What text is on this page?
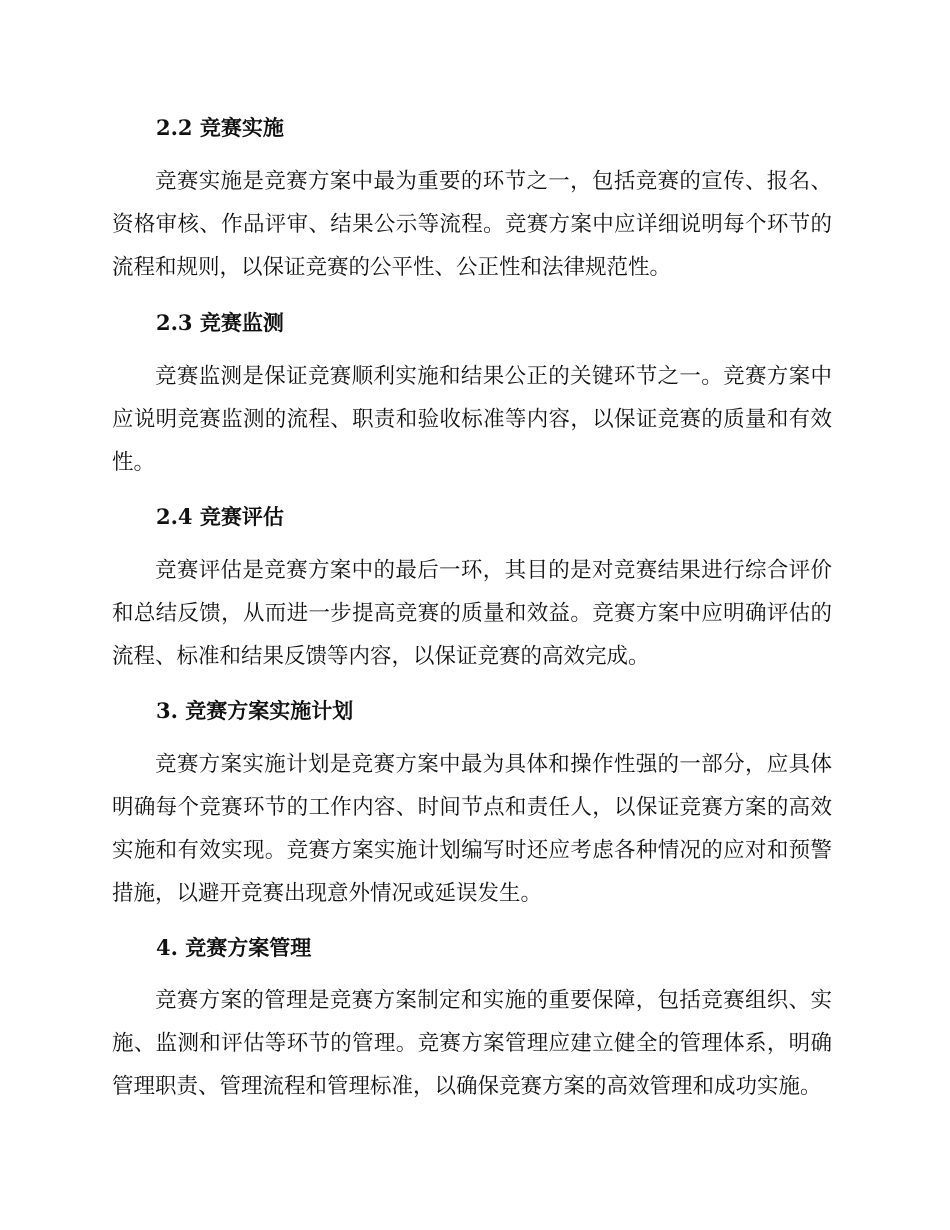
2.2 竞赛实施

竞赛实施是竞赛方案中最为重要的环节之一，包括竞赛的宣传、报名、资格审核、作品评审、结果公示等流程。竞赛方案中应详细说明每个环节的流程和规则，以保证竞赛的公平性、公正性和法律规范性。

2.3 竞赛监测

竞赛监测是保证竞赛顺利实施和结果公正的关键环节之一。竞赛方案中应说明竞赛监测的流程、职责和验收标准等内容，以保证竞赛的质量和有效性。

2.4 竞赛评估

竞赛评估是竞赛方案中的最后一环，其目的是对竞赛结果进行综合评价和总结反馈，从而进一步提高竞赛的质量和效益。竞赛方案中应明确评估的流程、标准和结果反馈等内容，以保证竞赛的高效完成。

3. 竞赛方案实施计划

竞赛方案实施计划是竞赛方案中最为具体和操作性强的一部分，应具体明确每个竞赛环节的工作内容、时间节点和责任人，以保证竞赛方案的高效实施和有效实现。竞赛方案实施计划编写时还应考虑各种情况的应对和预警措施，以避开竞赛出现意外情况或延误发生。

4. 竞赛方案管理

竞赛方案的管理是竞赛方案制定和实施的重要保障，包括竞赛组织、实施、监测和评估等环节的管理。竞赛方案管理应建立健全的管理体系，明确管理职责、管理流程和管理标准，以确保竞赛方案的高效管理和成功实施。
